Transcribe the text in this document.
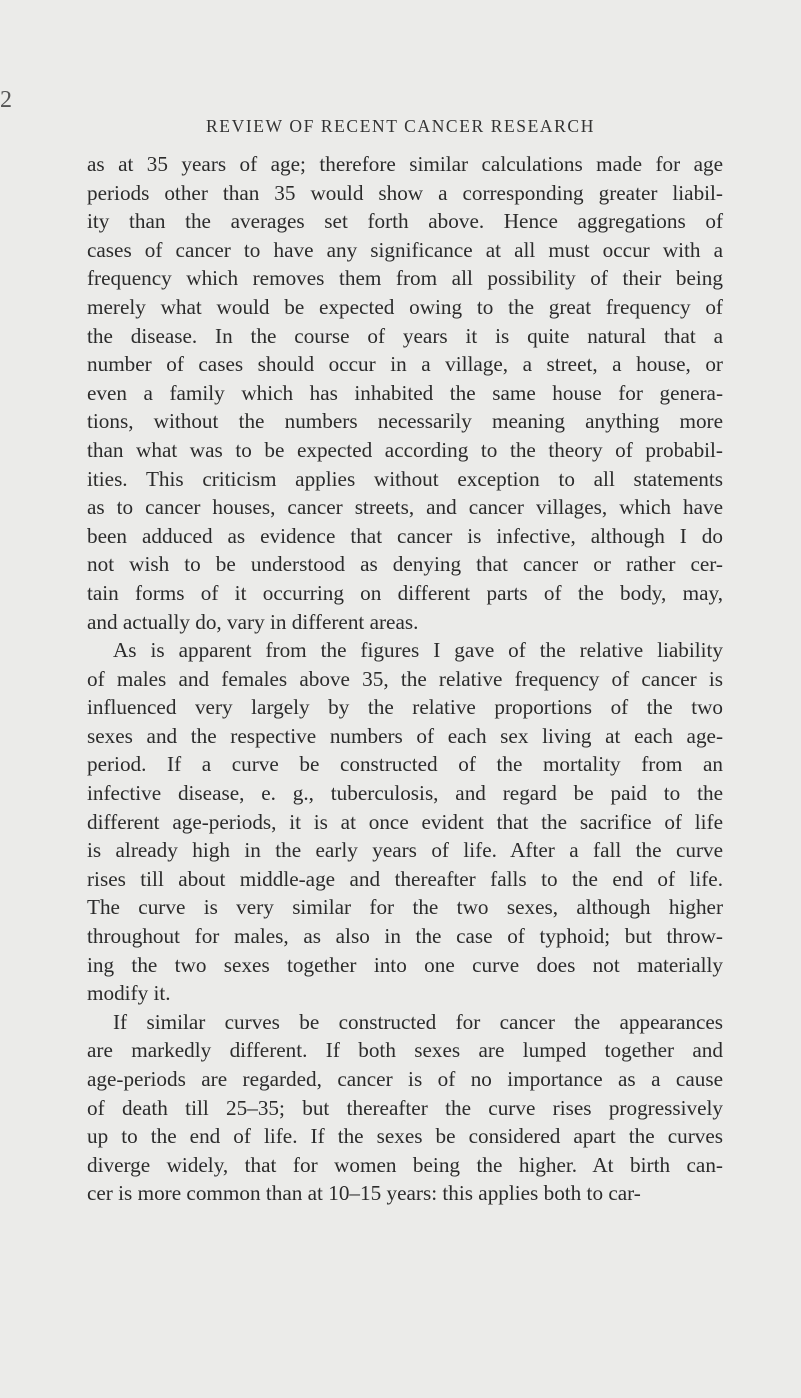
2
REVIEW OF RECENT CANCER RESEARCH
as at 35 years of age; therefore similar calculations made for age
periods other than 35 would show a corresponding greater liabil-
ity than the averages set forth above. Hence aggregations of
cases of cancer to have any significance at all must occur with a
frequency which removes them from all possibility of their being
merely what would be expected owing to the great frequency of
the disease. In the course of years it is quite natural that a
number of cases should occur in a village, a street, a house, or
even a family which has inhabited the same house for genera-
tions, without the numbers necessarily meaning anything more
than what was to be expected according to the theory of probabil-
ities. This criticism applies without exception to all statements
as to cancer houses, cancer streets, and cancer villages, which have
been adduced as evidence that cancer is infective, although I do
not wish to be understood as denying that cancer or rather cer-
tain forms of it occurring on different parts of the body, may,
and actually do, vary in different areas.
As is apparent from the figures I gave of the relative liability
of males and females above 35, the relative frequency of cancer is
influenced very largely by the relative proportions of the two
sexes and the respective numbers of each sex living at each age-
period. If a curve be constructed of the mortality from an
infective disease, e. g., tuberculosis, and regard be paid to the
different age-periods, it is at once evident that the sacrifice of life
is already high in the early years of life. After a fall the curve
rises till about middle-age and thereafter falls to the end of life.
The curve is very similar for the two sexes, although higher
throughout for males, as also in the case of typhoid; but throw-
ing the two sexes together into one curve does not materially
modify it.
If similar curves be constructed for cancer the appearances
are markedly different. If both sexes are lumped together and
age-periods are regarded, cancer is of no importance as a cause
of death till 25–35; but thereafter the curve rises progressively
up to the end of life. If the sexes be considered apart the curves
diverge widely, that for women being the higher. At birth can-
cer is more common than at 10–15 years: this applies both to car-
